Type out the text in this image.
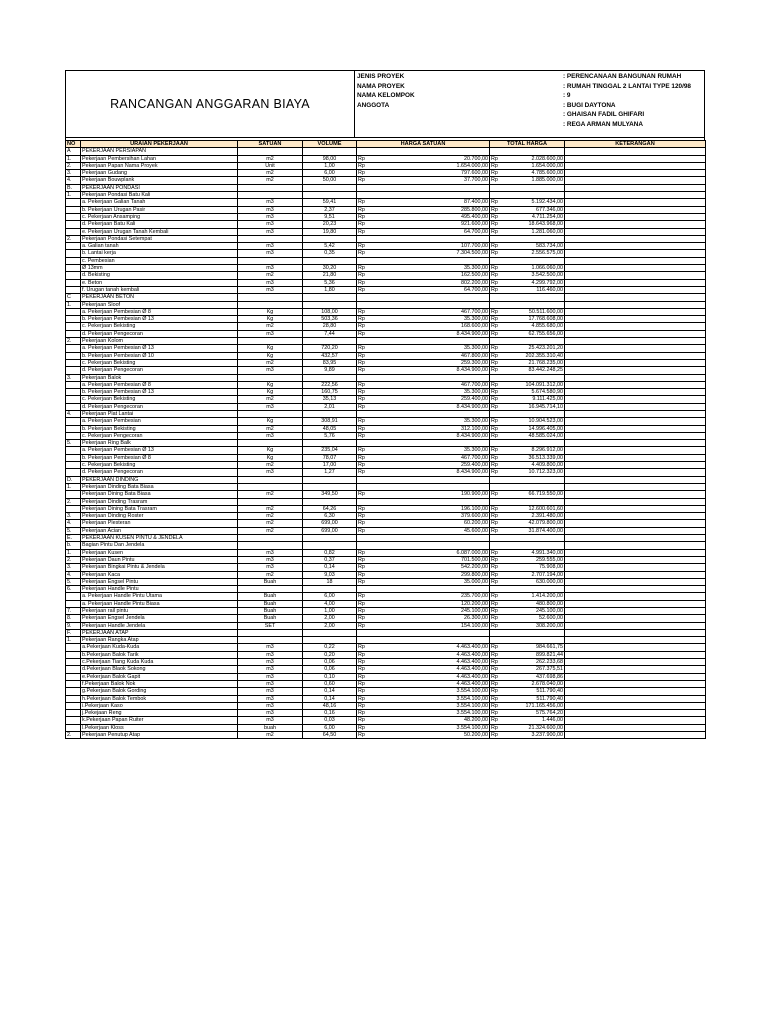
RANCANGAN ANGGARAN BIAYA
JENIS PROYEK	: PERENCANAAN BANGUNAN RUMAH
NAMA PROYEK	: RUMAH TINGGAL 2 LANTAI TYPE 120/98
NAMA KELOMPOK	: 9
ANGGOTA	: BUGI DAYTONA
: GHAISAN FADIL GHIFARI
: REGA ARMAN MULYANA
NO	URAIAN PEKERJAAN	SATUAN	VOLUME	HARGA SATUAN		TOTAL HARGA		KETERANGAN
A	PEKERJAAN PERSIAPAN							
1.	Pekerjaan Pembersihan Lahan	m2	98,00	Rp	20.700,00	Rp	2.028.600,00	
2.	Pekerjaan Papan Nama Proyek	Unit	1,00	Rp	1.654.000,00	Rp	1.654.000,00	
3.	Pekerjaan Gudang	m2	6,00	Rp	797.600,00	Rp	4.785.600,00	
4.	Pekerjaan Bouwplank	m2	50,00	Rp	37.700,00	Rp	1.885.000,00	
B.	PEKERJAAN PONDASI							
1.	Pekerjaan Pondasi Batu Kali							
	a. Pekerjaan Galian Tanah	m3	59,41	Rp	87.400,00	Rp	5.192.434,00	
	b. Pekerjaan Urugan Pasir	m3	2,37	Rp	285.800,00	Rp	677.346,00	
	c. Pekerjaan Ansamping	m3	9,51	Rp	495.400,00	Rp	4.711.254,00	
	d. Pekerjaan Batu Kali	m3	20,23	Rp	921.600,00	Rp	18.643.968,00	
	e. Pekerjaan Urugan Tanah Kembali	m3	19,80	Rp	64.700,00	Rp	1.281.060,00	
2.	Pekerjaan Pondasi Setempat							
	a. Galian tanah	m3	5,42	Rp	107.700,00	Rp	583.734,00	
	b. Lantai kerja	m3	0,35	Rp	7.304.500,00	Rp	2.556.575,00	
	c. Pembesian							
	Ø 13mm	m3	30,20	Rp	35.300,00	Rp	1.066.060,00	
	d. Bekisting	m2	21,80	Rp	162.500,00	Rp	3.542.500,00	
	e. Beton	m3	5,36	Rp	802.200,00	Rp	4.299.792,00	
	f. Urugan tanah kembali	m3	1,80	Rp	64.700,00	Rp	116.460,00	
C	PEKERJAAN BETON							
1.	Pekerjaan Sloof							
	a. Pekerjaan Pembesian Ø 8	Kg	108,00	Rp	467.700,00	Rp	50.511.600,00	
	b. Pekerjaan Pembesian Ø 13	Kg	503,36	Rp	35.300,00	Rp	17.768.608,00	
	c. Pekerjaan Bekisting	m2	28,80	Rp	168.600,00	Rp	4.855.680,00	
	d. Pekerjaan Pengecoran	m3	7,44	Rp	8.434.900,00	Rp	62.755.656,00	
2.	Pekerjaan Kolom							
	a. Pekerjaan Pembesian Ø 13	Kg	720,20	Rp	35.300,00	Rp	25.423.201,20	
	b. Pekerjaan Pembesian Ø 10	Kg	432,57	Rp	467.800,00	Rp	202.355.310,40	
	c. Pekerjaan Bekisting	m2	83,95	Rp	259.300,00	Rp	21.768.235,00	
	d. Pekerjaan Pengecoran	m3	9,89	Rp	8.434.900,00	Rp	83.442.248,25	
3.	Pekerjaan Balok							
	a. Pekerjaan Pembesian Ø 8	Kg	222,56	Rp	467.700,00	Rp	104.091.312,00	
	b. Pekerjaan Pembesian Ø 13	Kg	160,75	Rp	35.300,00	Rp	5.674.580,90	
	c. Pekerjaan Bekisting	m2	35,13	Rp	259.400,00	Rp	9.111.425,00	
	d. Pekerjaan Pengecoran	m3	2,01	Rp	8.434.900,00	Rp	16.945.714,10	
4.	Pekerjaan Plat Lantai							
	a. Pekerjaan Pembesian	Kg	308,91	Rp	35.300,00	Rp	10.904.523,00	
	b. Pekerjaan Bekisting	m2	48,05	Rp	312.100,00	Rp	14.996.405,00	
	c. Pekerjaan Pengecoran	m3	5,76	Rp	8.434.900,00	Rp	48.585.024,00	
5.	Pekerjaan Ring Balk							
	a. Pekerjaan Pembesian Ø 13	Kg	235,04	Rp	35.300,00	Rp	8.296.912,00	
	b. Pekerjaan Pembesian Ø 8	Kg	78,07	Rp	467.700,00	Rp	36.513.339,00	
	c. Pekerjaan Bekisting	m2	17,00	Rp	259.400,00	Rp	4.409.800,00	
	d. Pekerjaan Pengecoran	m3	1,27	Rp	8.434.900,00	Rp	10.712.323,00	
D.	PEKERJAAN DINDING							
1.	Pekerjaan Dinding Bata Biasa							
	Pekerjaan Dining Bata Biasa	m2	349,50	Rp	190.900,00	Rp	66.719.550,00	
2.	Pekerjaan Dinding Trasram							
	Pekerjaan Dining Bata Trasram	m2	64,26	Rp	196.100,00	Rp	12.600.601,60	
3.	Pekerjaan Dinding Roster	m2	6,30	Rp	379.600,00	Rp	2.391.480,00	
4.	Pekerjaan Plesteran	m2	699,00	Rp	60.200,00	Rp	42.079.800,00	
5.	Pekerjaan Acian	m2	699,00	Rp	45.600,00	Rp	31.874.400,00	
E.	PEKERJAAN KUSEN PINTU & JENDELA							
b.	Bagian Pintu Dan Jendela							
1.	Pekerjaan Kusen	m3	0,82	Rp	6.087.000,00	Rp	4.991.340,00	
2.	Pekerjaan Daun Pintu	m3	0,37	Rp	701.500,00	Rp	259.555,00	
3.	Pekerjaan Bingkai Pintu & Jendela	m3	0,14	Rp	542.200,00	Rp	75.908,00	
4.	Pekerjaan Kaca	m2	9,03	Rp	299.800,00	Rp	2.707.194,00	
5.	Pekerjaan Engsel Pintu	Buah	18	Rp	35.000,00	Rp	630.000,00	
6.	Pekerjaan Handle Pintu							
	a. Pekerjaan Handle Pintu Utama	Buah	6,00	Rp	235.700,00	Rp	1.414.200,00	
	a. Pekerjaan Handle Pintu Biasa	Buah	4,00	Rp	120.200,00	Rp	480.800,00	
7.	Pekerjaan rail pintu	Buah	1,00	Rp	245.100,00	Rp	245.100,00	
8.	Pekerjaan Engsel Jendela	Buah	2,00	Rp	26.300,00	Rp	52.600,00	
9.	Pekerjaan Handle Jendela	SET	2,00	Rp	154.100,00	Rp	308.200,00	
F.	PEKERJAAN ATAP							
1.	Pekerjaan Rangka Atap							
	a.Pekerjaan Kuda-Kuda	m3	0,22	Rp	4.463.400,00	Rp	984.661,75	
	b.Pekerjaan Balok Tarik	m3	0,20	Rp	4.463.400,00	Rp	899.821,44	
	c.Pekerjaan Tiang Kuda Kuda	m3	0,06	Rp	4.463.400,00	Rp	262.233,68	
	d.Pekerjaan Blaok Sokong	m3	0,06	Rp	4.463.400,00	Rp	267.375,51	
	e.Pekerjaan Balok Gapit	m3	0,10	Rp	4.463.400,00	Rp	437.698,86	
	f.Pekerjaan Balok Nok	m3	0,60	Rp	4.463.400,00	Rp	2.678.040,00	
	g.Pekerjaan Balok Gording	m3	0,14	Rp	3.554.100,00	Rp	511.790,40	
	h.Pekerjaan Balok Tembok	m3	0,14	Rp	3.554.100,00	Rp	511.790,40	
	i.Pekerjaan Kaso	m3	48,16	Rp	3.554.100,00	Rp	171.165.456,00	
	j.Pekejaan Reng	m3	0,16	Rp	3.554.100,00	Rp	575.764,20	
	k.Pekerjaan Papan Ruiter	m3	0,03	Rp	48.200,00	Rp	1.446,00	
	l.Pekerjaan Kloss	buah	6,00	Rp	3.554.100,00	Rp	21.324.600,00	
2.	Pekerjaan Penutup Atap	m2	64,50	Rp	50.200,00	Rp	3.237.900,00	
